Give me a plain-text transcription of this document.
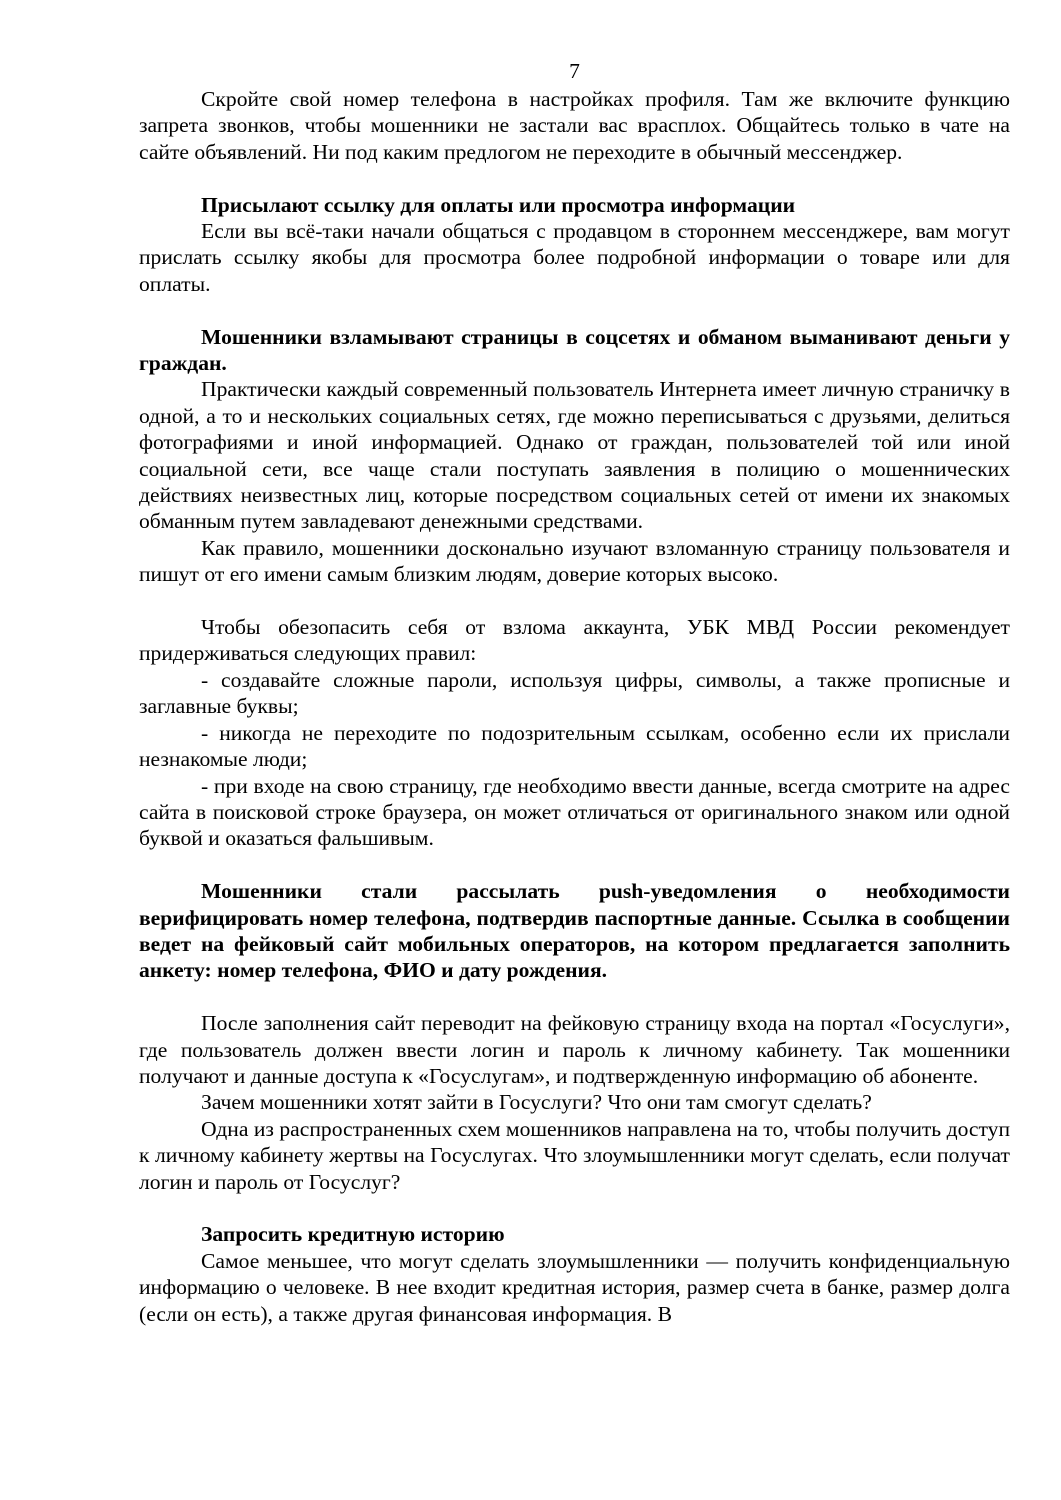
7

Скройте свой номер телефона в настройках профиля. Там же включите функцию запрета звонков, чтобы мошенники не застали вас врасплох. Общайтесь только в чате на сайте объявлений. Ни под каким предлогом не переходите в обычный мессенджер.

Присылают ссылку для оплаты или просмотра информации

Если вы всё-таки начали общаться с продавцом в стороннем мессенджере, вам могут прислать ссылку якобы для просмотра более подробной информации о товаре или для оплаты.

Мошенники взламывают страницы в соцсетях и обманом выманивают деньги у граждан.

Практически каждый современный пользователь Интернета имеет личную страничку в одной, а то и нескольких социальных сетях, где можно переписываться с друзьями, делиться фотографиями и иной информацией. Однако от граждан, пользователей той или иной социальной сети, все чаще стали поступать заявления в полицию о мошеннических действиях неизвестных лиц, которые посредством социальных сетей от имени их знакомых обманным путем завладевают денежными средствами.

Как правило, мошенники досконально изучают взломанную страницу пользователя и пишут от его имени самым близким людям, доверие которых высоко.

Чтобы обезопасить себя от взлома аккаунта, УБК МВД России рекомендует придерживаться следующих правил:

- создавайте сложные пароли, используя цифры, символы, а также прописные и заглавные буквы;

- никогда не переходите по подозрительным ссылкам, особенно если их прислали незнакомые люди;

- при входе на свою страницу, где необходимо ввести данные, всегда смотрите на адрес сайта в поисковой строке браузера, он может отличаться от оригинального знаком или одной буквой и оказаться фальшивым.

Мошенники стали рассылать push-уведомления о необходимости верифицировать номер телефона, подтвердив паспортные данные. Ссылка в сообщении ведет на фейковый сайт мобильных операторов, на котором предлагается заполнить анкету: номер телефона, ФИО и дату рождения.

После заполнения сайт переводит на фейковую страницу входа на портал «Госуслуги», где пользователь должен ввести логин и пароль к личному кабинету. Так мошенники получают и данные доступа к «Госуслугам», и подтвержденную информацию об абоненте.

Зачем мошенники хотят зайти в Госуслуги? Что они там смогут сделать?

Одна из распространенных схем мошенников направлена на то, чтобы получить доступ к личному кабинету жертвы на Госуслугах. Что злоумышленники могут сделать, если получат логин и пароль от Госуслуг?

Запросить кредитную историю

Самое меньшее, что могут сделать злоумышленники — получить конфиденциальную информацию о человеке. В нее входит кредитная история, размер счета в банке, размер долга (если он есть), а также другая финансовая информация. В
